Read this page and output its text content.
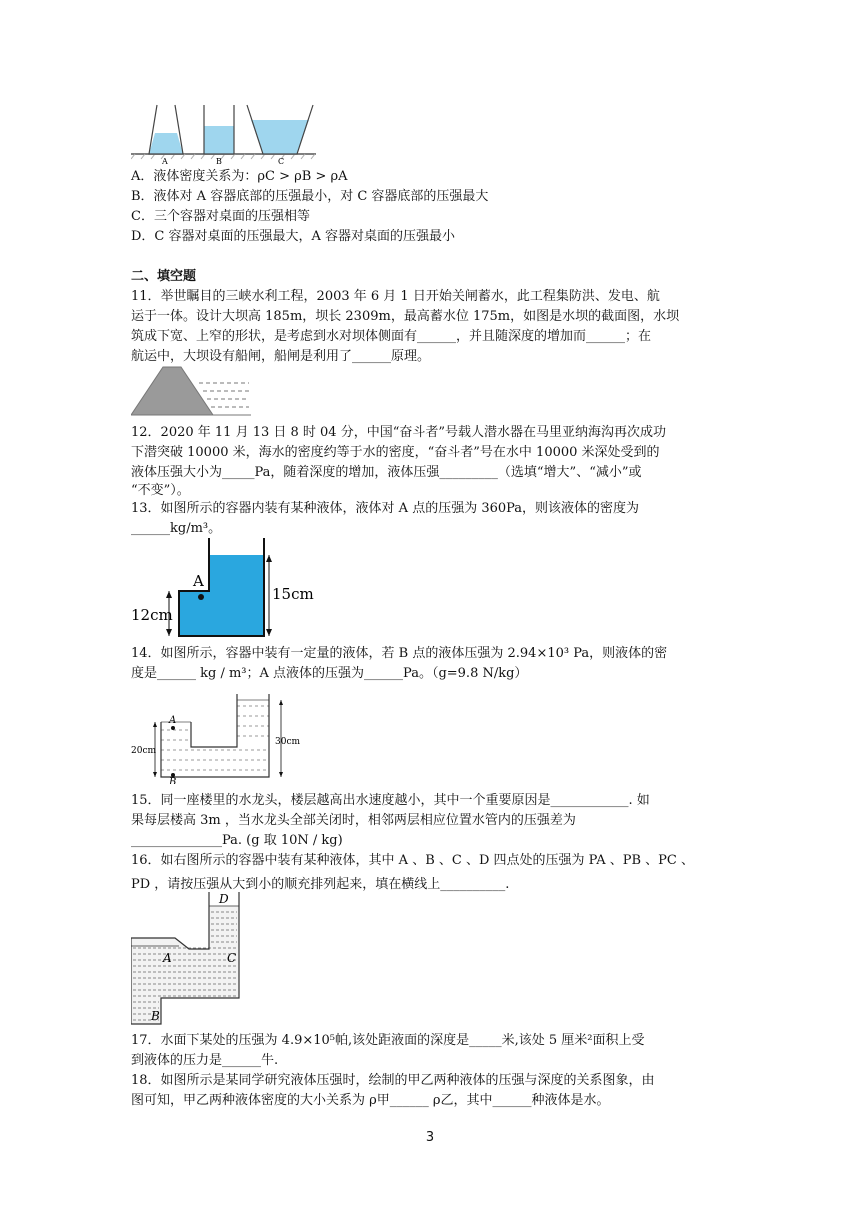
A	B	C
A．液体密度关系为：ρC > ρB > ρA
B．液体对 A 容器底部的压强最小，对 C 容器底部的压强最大
C．三个容器对桌面的压强相等
D．C 容器对桌面的压强最大，A 容器对桌面的压强最小
二、填空题
11．举世瞩目的三峡水利工程，2003 年 6 月 1 日开始关闸蓄水，此工程集防洪、发电、航
运于一体。设计大坝高 185m，坝长 2309m，最高蓄水位 175m，如图是水坝的截面图，水坝
筑成下宽、上窄的形状，是考虑到水对坝体侧面有______，并且随深度的增加而______；在
航运中，大坝设有船闸，船闸是利用了______原理。
12．2020 年 11 月 13 日 8 时 04 分，中国“奋斗者”号载人潜水器在马里亚纳海沟再次成功
下潜突破 10000 米，海水的密度约等于水的密度，“奋斗者”号在水中 10000 米深处受到的
液体压强大小为_____Pa，随着深度的增加，液体压强_________（选填“增大”、“减小”或
“不变”）。
13．如图所示的容器内装有某种液体，液体对 A 点的压强为 360Pa，则该液体的密度为
______kg/m³。
A
12cm
15cm
14．如图所示，容器中装有一定量的液体，若 B 点的液体压强为 2.94×10³ Pa，则液体的密
度是______ kg / m³；A 点液体的压强为______Pa。（g=9.8 N/kg）
A
B
20cm
30cm
15．同一座楼里的水龙头，楼层越高出水速度越小，其中一个重要原因是____________. 如
果每层楼高 3m ，当水龙头全部关闭时，相邻两层相应位置水管内的压强差为
______________Pa. (g 取 10N / kg)
16．如右图所示的容器中装有某种液体，其中 A 、B 、C 、D 四点处的压强为 PA 、PB 、PC 、
PD ，请按压强从大到小的顺充排列起来，填在横线上__________.
D
A	C
B
17．水面下某处的压强为 4.9×10⁵帕,该处距液面的深度是_____米,该处 5 厘米²面积上受
到液体的压力是______牛.
18．如图所示是某同学研究液体压强时，绘制的甲乙两种液体的压强与深度的关系图象，由
图可知，甲乙两种液体密度的大小关系为 ρ甲______ ρ乙，其中______种液体是水。
3
